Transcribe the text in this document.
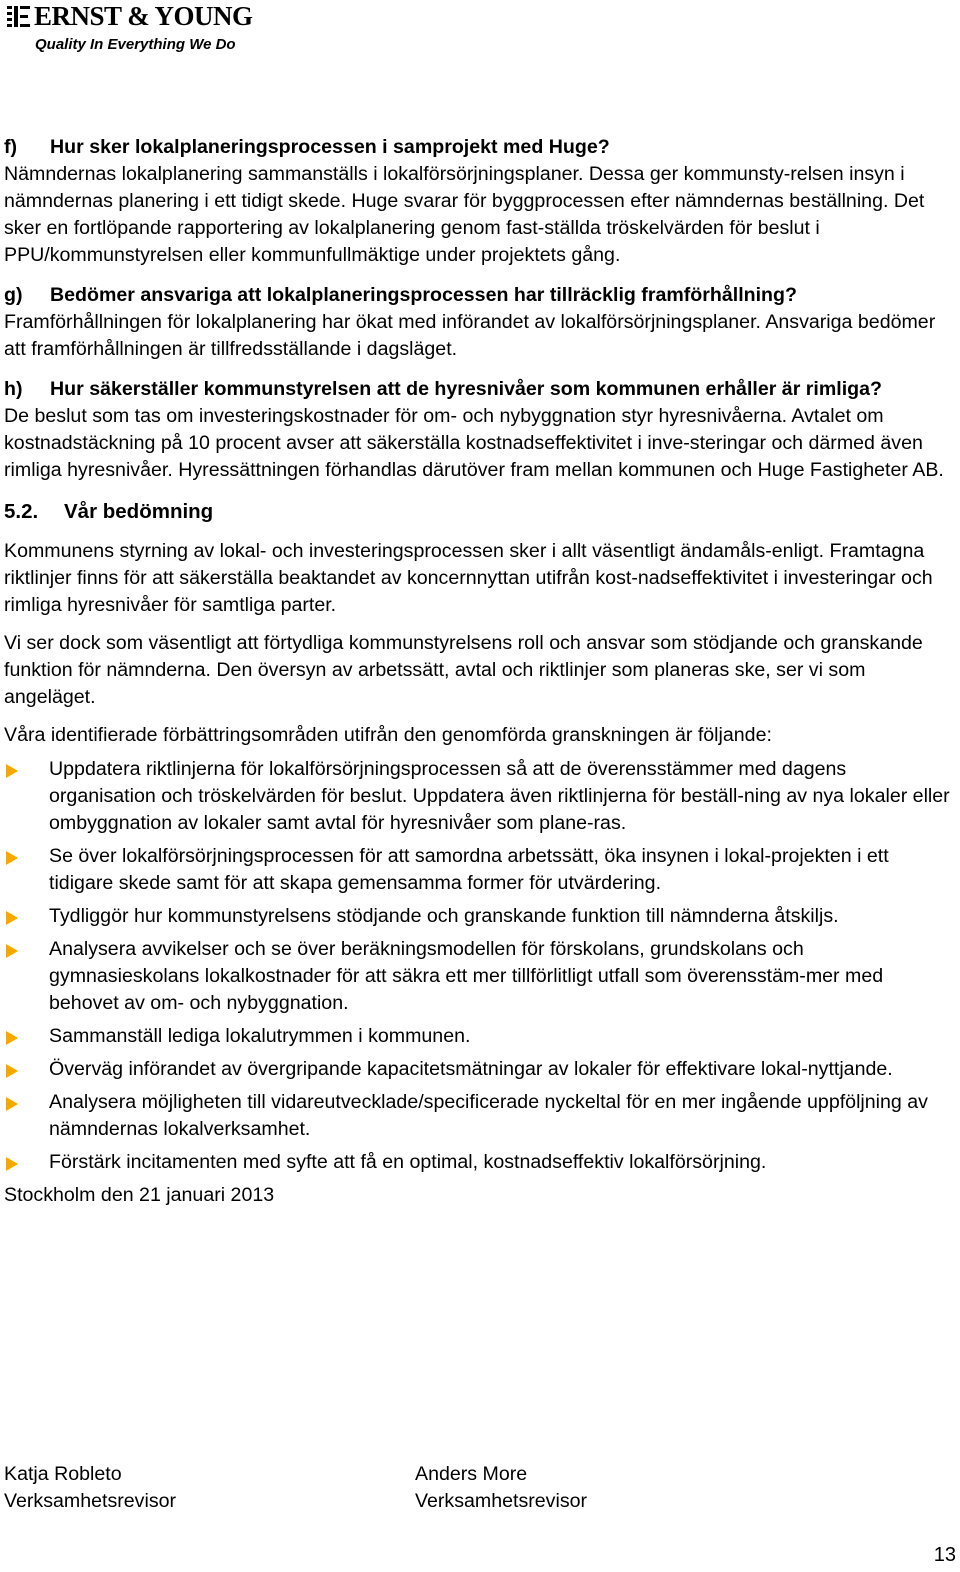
ERNST & YOUNG
Quality In Everything We Do
f)	Hur sker lokalplaneringsprocessen i samprojekt med Huge?

Nämndernas lokalplanering sammanställs i lokalförsörjningsplaner. Dessa ger kommunsty-relsen insyn i nämndernas planering i ett tidigt skede. Huge svarar för byggprocessen efter nämndernas beställning. Det sker en fortlöpande rapportering av lokalplanering genom fast-ställda tröskelvärden för beslut i PPU/kommunstyrelsen eller kommunfullmäktige under projektets gång.

g)	Bedömer ansvariga att lokalplaneringsprocessen har tillräcklig framförhållning?

Framförhållningen för lokalplanering har ökat med införandet av lokalförsörjningsplaner. Ansvariga bedömer att framförhållningen är tillfredsställande i dagsläget.

h)	Hur säkerställer kommunstyrelsen att de hyresnivåer som kommunen erhåller är rimliga?

De beslut som tas om investeringskostnader för om- och nybyggnation styr hyresnivåerna. Avtalet om kostnadstäckning på 10 procent avser att säkerställa kostnadseffektivitet i inve-steringar och därmed även rimliga hyresnivåer. Hyressättningen förhandlas därutöver fram mellan kommunen och Huge Fastigheter AB.

5.2.	Vår bedömning

Kommunens styrning av lokal- och investeringsprocessen sker i allt väsentligt ändamåls-enligt. Framtagna riktlinjer finns för att säkerställa beaktandet av koncernnyttan utifrån kost-nadseffektivitet i investeringar och rimliga hyresnivåer för samtliga parter.

Vi ser dock som väsentligt att förtydliga kommunstyrelsens roll och ansvar som stödjande och granskande funktion för nämnderna. Den översyn av arbetssätt, avtal och riktlinjer som planeras ske, ser vi som angeläget.

Våra identifierade förbättringsområden utifrån den genomförda granskningen är följande:

Uppdatera riktlinjerna för lokalförsörjningsprocessen så att de överensstämmer med dagens organisation och tröskelvärden för beslut. Uppdatera även riktlinjerna för beställ-ning av nya lokaler eller ombyggnation av lokaler samt avtal för hyresnivåer som plane-ras.
Se över lokalförsörjningsprocessen för att samordna arbetssätt, öka insynen i lokal-projekten i ett tidigare skede samt för att skapa gemensamma former för utvärdering.
Tydliggör hur kommunstyrelsens stödjande och granskande funktion till nämnderna åtskiljs.
Analysera avvikelser och se över beräkningsmodellen för förskolans, grundskolans och gymnasieskolans lokalkostnader för att säkra ett mer tillförlitligt utfall som överensstäm-mer med behovet av om- och nybyggnation.
Sammanställ lediga lokalutrymmen i kommunen.
Överväg införandet av övergripande kapacitetsmätningar av lokaler för effektivare lokal-nyttjande.
Analysera möjligheten till vidareutvecklade/specificerade nyckeltal för en mer ingående uppföljning av nämndernas lokalverksamhet.
Förstärk incitamenten med syfte att få en optimal, kostnadseffektiv lokalförsörjning.

Stockholm den 21 januari 2013

Katja Robleto
Verksamhetsrevisor
Anders More
Verksamhetsrevisor
13
